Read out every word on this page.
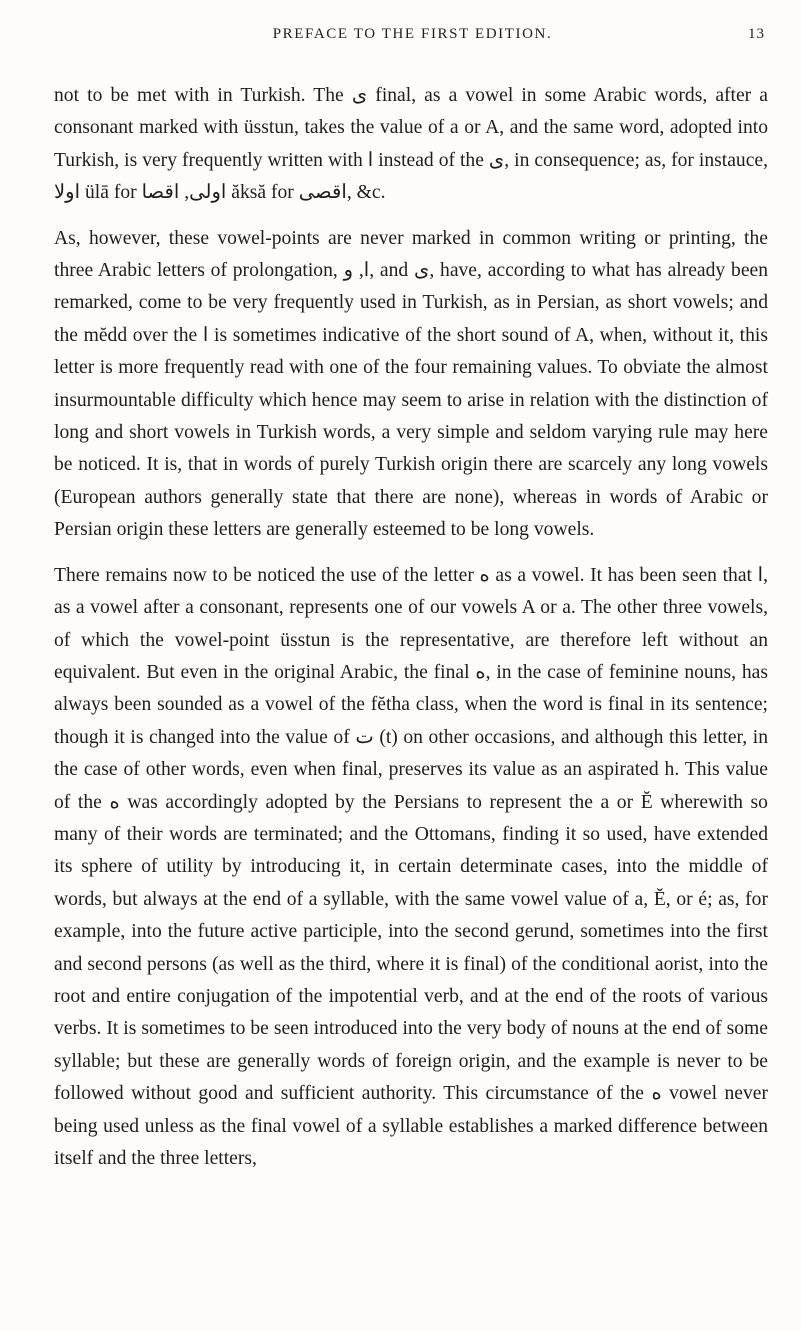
PREFACE TO THE FIRST EDITION.	13

not to be met with in Turkish. The ى final, as a vowel in some Arabic words, after a consonant marked with üsstun, takes the value of a or A, and the same word, adopted into Turkish, is very frequently written with ا instead of the ى, in consequence; as, for instauce, اولا ülā for اولى, اقصا ăksă for اقصى, &c.

As, however, these vowel-points are never marked in common writing or printing, the three Arabic letters of prolongation, ا, و, and ى, have, according to what has already been remarked, come to be very frequently used in Turkish, as in Persian, as short vowels; and the mĕdd over the ا is sometimes indicative of the short sound of A, when, without it, this letter is more frequently read with one of the four remaining values. To obviate the almost insurmountable difficulty which hence may seem to arise in relation with the distinction of long and short vowels in Turkish words, a very simple and seldom varying rule may here be noticed. It is, that in words of purely Turkish origin there are scarcely any long vowels (European authors generally state that there are none), whereas in words of Arabic or Persian origin these letters are generally esteemed to be long vowels.

There remains now to be noticed the use of the letter ه as a vowel. It has been seen that ا, as a vowel after a consonant, represents one of our vowels A or a. The other three vowels, of which the vowel-point üsstun is the representative, are therefore left without an equivalent. But even in the original Arabic, the final ه, in the case of feminine nouns, has always been sounded as a vowel of the fĕtha class, when the word is final in its sentence; though it is changed into the value of ت (t) on other occasions, and although this letter, in the case of other words, even when final, preserves its value as an aspirated h. This value of the ه was accordingly adopted by the Persians to represent the a or Ĕ wherewith so many of their words are terminated; and the Ottomans, finding it so used, have extended its sphere of utility by introducing it, in certain determinate cases, into the middle of words, but always at the end of a syllable, with the same vowel value of a, Ĕ, or é; as, for example, into the future active participle, into the second gerund, sometimes into the first and second persons (as well as the third, where it is final) of the conditional aorist, into the root and entire conjugation of the impotential verb, and at the end of the roots of various verbs. It is sometimes to be seen introduced into the very body of nouns at the end of some syllable; but these are generally words of foreign origin, and the example is never to be followed without good and sufficient authority. This circumstance of the ه vowel never being used unless as the final vowel of a syllable establishes a marked difference between itself and the three letters,
